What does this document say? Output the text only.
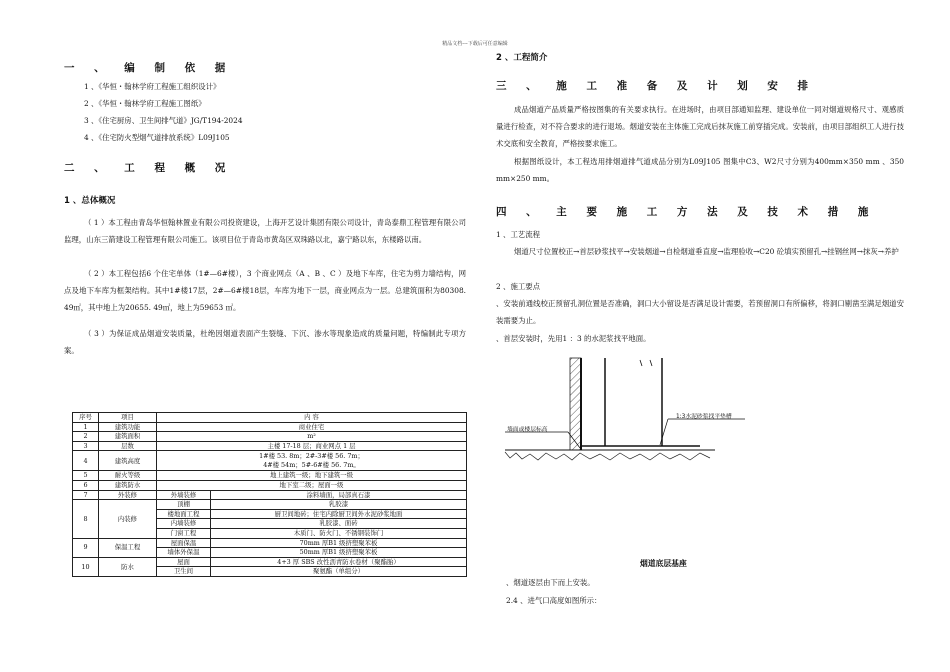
精品文档---下载后可任意编辑
一 、 编 制 依 据
1 、《华恒・翰林学府工程施工组织设计》
2 、《华恒・翰林学府工程施工图纸》
3 、《住宅厨房、卫生间排气道》JG/T194-2024
4 、《住宅防火型烟气道排放系统》L09J105
二 、 工 程 概 况
1 、总体概况
（ 1 ）本工程由青岛华恒翰林置业有限公司投资建设，上海开艺设计集团有限公司设计，青岛泰鼎工程管理有限公司监理，山东三箭建设工程管理有限公司施工。该项目位于青岛市黄岛区双珠路以北，嘉宁路以东，东楼路以南。
（ 2 ）本工程包括6 个住宅单体（1#—6#楼），3 个商业网点（A 、B 、C ）及地下车库，住宅为剪力墙结构，网点及地下车库为框架结构。其中1#楼17层，2#—6#楼18层，车库为地下一层，商业网点为一层。总建筑面积为80308. 49㎡，其中地上为20655. 49㎡，地上为59653 ㎡。
（ 3 ）为保证成品烟道安装质量，杜绝因烟道表面产生裂缝、下沉、渗水等现象造成的质量问题，特编制此专项方案。
序号	项目	内 容	
1	建筑功能	商业住宅	
2	建筑面积	m²	
3	层数	主楼 17-18 层；商业网点 1 层	
4	建筑高度	1#楼 53. 8m；2#-3#楼 56. 7m；
4#楼 54m；5#-6#楼 56. 7m。	

5	耐火等级	地上建筑一级；地下建筑一级	
6	建筑防水	地下室二级；屋面一级	
7	外装修	外墙装修	涂料墙面，局部真石漆
8	内装修	顶棚	乳胶漆
		楼地面工程	厨卫间地砖；住宅内除厨卫间外水泥砂浆地面
		内墙装修	乳胶漆、面砖
		门窗工程	木质门、防火门、不锈钢装饰门
9	保温工程	屋面保温	70mm 厚B1 级挤塑聚苯板
		墙体外保温	50mm 厚B1 级挤塑聚苯板
10	防水	屋面	4+3 厚 SBS 改性沥青防水卷材（聚酯胎）
		卫生间	聚氨酯（单组分）
2 、工程简介
三 、 施 工 准 备 及 计 划 安 排
成品烟道产品质量严格按图集的有关要求执行。在进场时，由项目部通知监理、建设单位一同对烟道规格尺寸、观感质量进行检查，对不符合要求的进行退场。烟道安装在主体施工完成后抹灰施工前穿插完成。安装前，由项目部组织工人进行技术交底和安全教育，严格按要求施工。
根据图纸设计，本工程选用排烟道排气道成品分别为L09J105 图集中C3、W2尺寸分别为400mm×350 mm 、350 mm×250 mm。
四 、 主 要 施 工 方 法 及 技 术 措 施
1 、工艺流程
烟道尺寸位置校正→首层砂浆找平→安装烟道→自检烟道垂直度→监理验收→C20 砼填实预留孔→挂钢丝网→抹灰→养护
2 、施工要点
、安装前通线校正预留孔洞位置是否准确，洞口大小留设是否满足设计需要，若预留洞口有所偏移，将洞口剔凿至满足烟道安装需要为止。
、首层安装时，先用1 ：3 的水泥浆找平地面。
1:3水泥砂浆找平垫槽
墙面或楼层标高
烟道底层基座
、烟道逐层由下而上安装。
2.4 、进气口高度如图所示：
